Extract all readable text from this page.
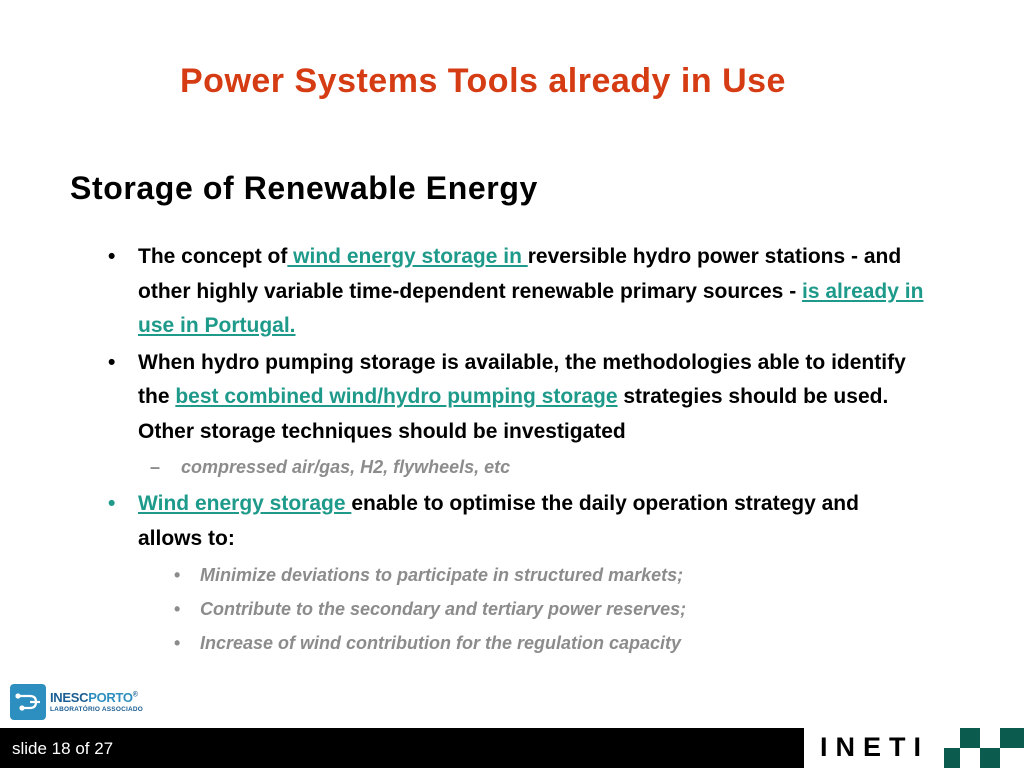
Power Systems Tools already in Use
Storage of Renewable Energy
• The concept of wind energy storage in reversible hydro power stations - and other highly variable time-dependent renewable primary sources - is already in use in Portugal.
• When hydro pumping storage is available, the methodologies able to identify the best combined wind/hydro pumping storage strategies should be used. Other storage techniques should be investigated
– compressed air/gas, H2, flywheels, etc
• Wind energy storage enable to optimise the daily operation strategy and allows to:
• Minimize deviations to participate in structured markets;
• Contribute to the secondary and tertiary power reserves;
• Increase of wind contribution for the regulation capacity
INESCPORTO®
LABORATÓRIO ASSOCIADO
slide 18 of 27	INETI
